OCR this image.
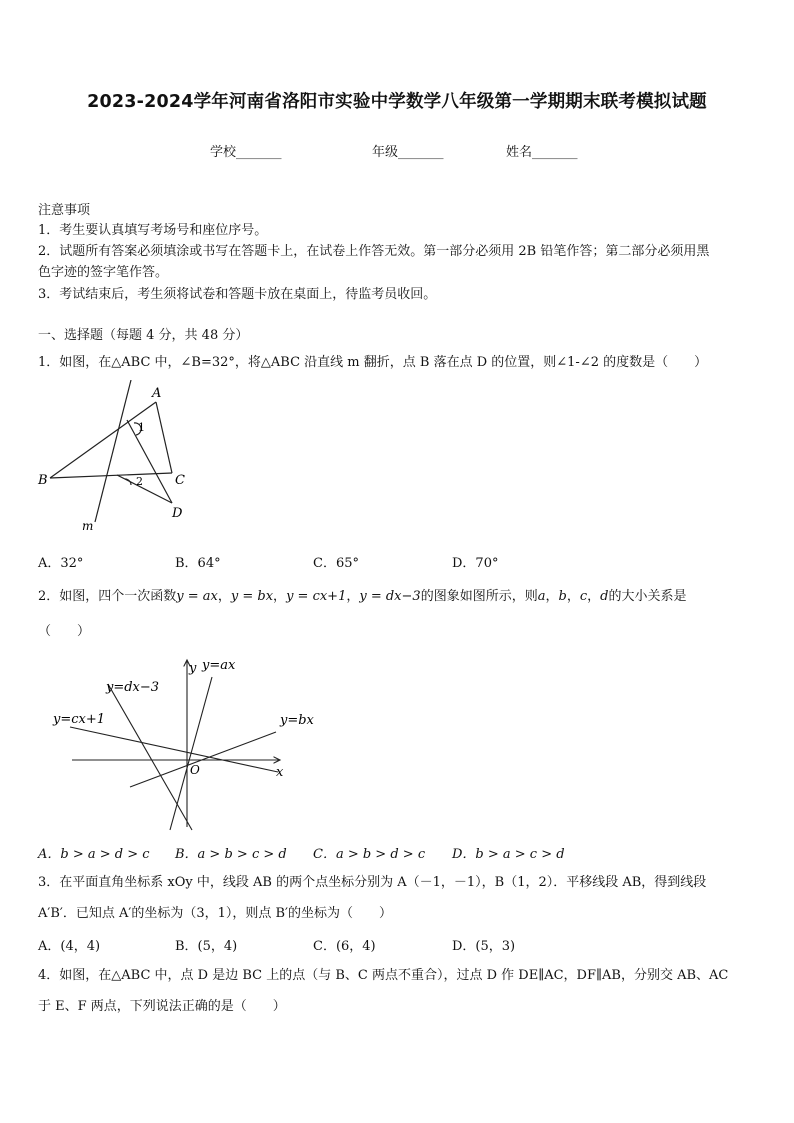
2023-2024学年河南省洛阳市实验中学数学八年级第一学期期末联考模拟试题
学校_______	年级_______	姓名_______
注意事项
1．考生要认真填写考场号和座位序号。
2．试题所有答案必须填涂或书写在答题卡上，在试卷上作答无效。第一部分必须用 2B 铅笔作答；第二部分必须用黑
色字迹的签字笔作答。
3．考试结束后，考生须将试卷和答题卡放在桌面上，待监考员收回。
一、选择题（每题 4 分，共 48 分）
1．如图，在△ABC 中，∠B=32°，将△ABC 沿直线 m 翻折，点 B 落在点 D 的位置，则∠1-∠2 的度数是（　　）
A
B	C
D
m
1
2
A．32°	B．64°	C．65°	D．70°
2．如图，四个一次函数y = ax，y = bx，y = cx+1，y = dx−3的图象如图所示，则a，b，c，d的大小关系是
（　　）
y
x
O
y=ax
y=dx−3
y=cx+1	y=bx
A．b > a > d > c B．a > b > c > d C．a > b > d > c D．b > a > c > d
3．在平面直角坐标系 xOy 中，线段 AB 的两个点坐标分别为 A（－1，－1），B（1，2）．平移线段 AB，得到线段
A′B′．已知点 A′的坐标为（3，1），则点 B′的坐标为（　　）
A．(4，4)	B．(5，4)	C．(6，4)	D．(5，3)
4．如图，在△ABC 中，点 D 是边 BC 上的点（与 B、C 两点不重合），过点 D 作 DE∥AC，DF∥AB，分别交 AB、AC
于 E、F 两点，下列说法正确的是（　　）
